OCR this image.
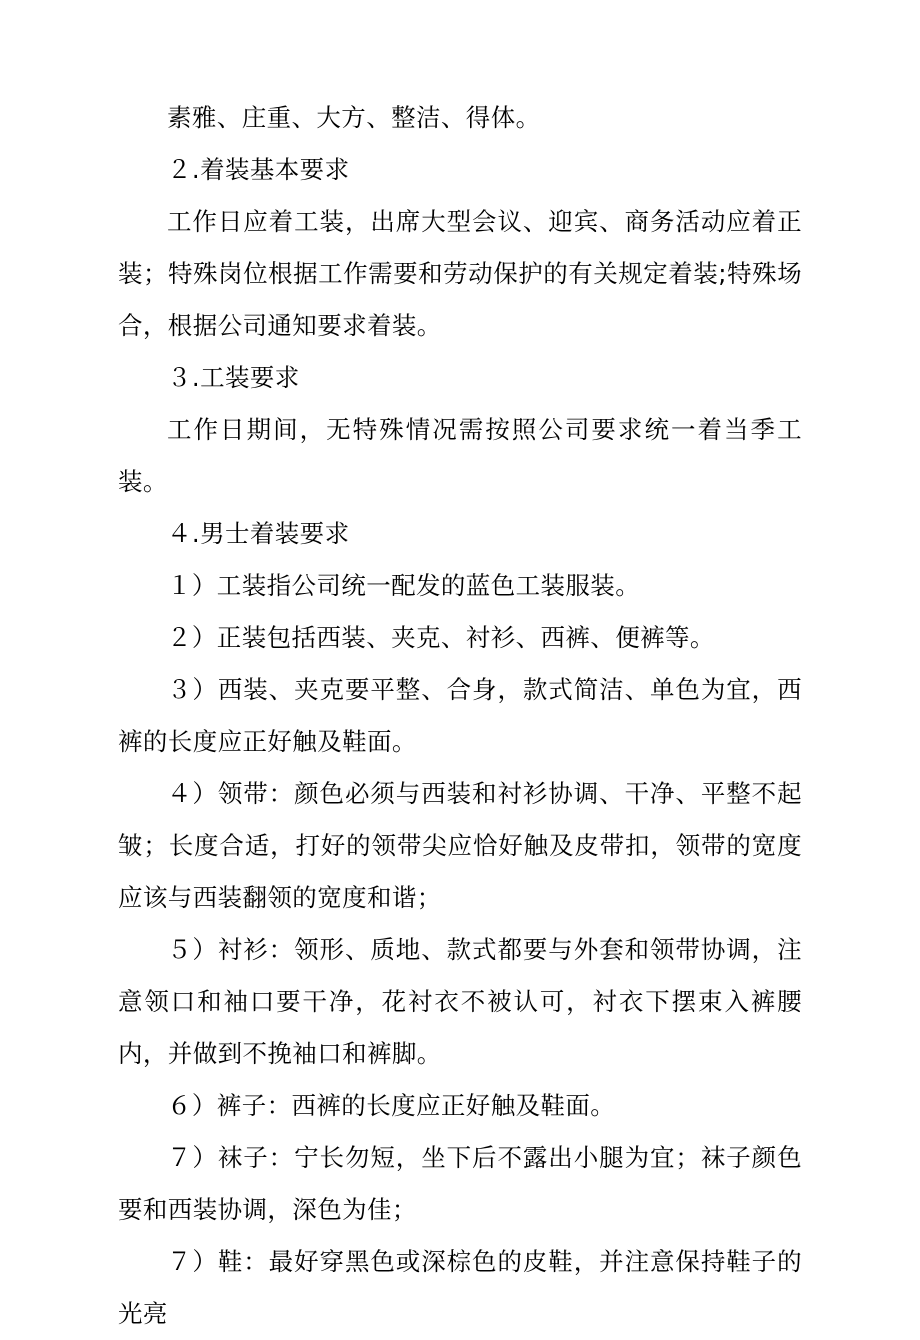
素雅、庄重、大方、整洁、得体。

２.着装基本要求

工作日应着工装，出席大型会议、迎宾、商务活动应着正装；特殊岗位根据工作需要和劳动保护的有关规定着装;特殊场合，根据公司通知要求着装。

３.工装要求

工作日期间，无特殊情况需按照公司要求统一着当季工装。

４.男士着装要求

１）工装指公司统一配发的蓝色工装服装。

２）正装包括西装、夹克、衬衫、西裤、便裤等。

３）西装、夹克要平整、合身，款式简洁、单色为宜，西裤的长度应正好触及鞋面。

４）领带：颜色必须与西装和衬衫协调、干净、平整不起皱；长度合适，打好的领带尖应恰好触及皮带扣，领带的宽度应该与西装翻领的宽度和谐；

５）衬衫：领形、质地、款式都要与外套和领带协调，注意领口和袖口要干净，花衬衣不被认可，衬衣下摆束入裤腰内，并做到不挽袖口和裤脚。

６）裤子：西裤的长度应正好触及鞋面。

７）袜子：宁长勿短，坐下后不露出小腿为宜；袜子颜色要和西装协调，深色为佳；

７）鞋：最好穿黑色或深棕色的皮鞋，并注意保持鞋子的光亮
